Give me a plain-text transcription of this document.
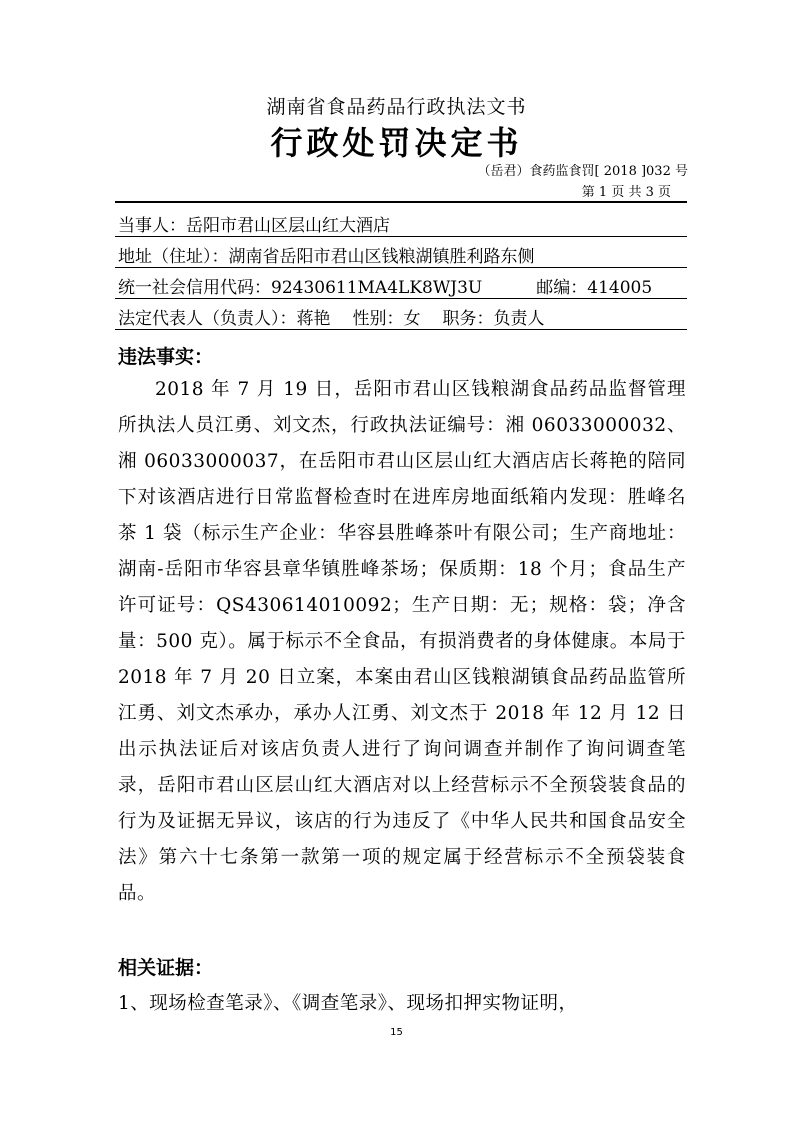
湖南省食品药品行政执法文书
行政处罚决定书
（岳君）食药监食罚[ 2018 ]032 号
第 1 页 共 3 页
当事人：岳阳市君山区层山红大酒店
地址（住址）：湖南省岳阳市君山区钱粮湖镇胜利路东侧
统一社会信用代码：92430611MA4LK8WJ3U	邮编：414005
法定代表人（负责人）：蒋艳 性别：女 职务：负责人
违法事实：
2018 年 7 月 19 日，岳阳市君山区钱粮湖食品药品监督管理所执法人员江勇、刘文杰，行政执法证编号：湘 06033000032、湘 06033000037，在岳阳市君山区层山红大酒店店长蒋艳的陪同下对该酒店进行日常监督检查时在进库房地面纸箱内发现：胜峰名茶 1 袋（标示生产企业：华容县胜峰茶叶有限公司；生产商地址：湖南-岳阳市华容县章华镇胜峰茶场；保质期：18 个月；食品生产许可证号：QS430614010092；生产日期：无；规格：袋；净含量：500 克）。属于标示不全食品，有损消费者的身体健康。本局于 2018 年 7 月 20 日立案，本案由君山区钱粮湖镇食品药品监管所江勇、刘文杰承办，承办人江勇、刘文杰于 2018 年 12 月 12 日出示执法证后对该店负责人进行了询问调查并制作了询问调查笔录，岳阳市君山区层山红大酒店对以上经营标示不全预袋装食品的行为及证据无异议，该店的行为违反了《中华人民共和国食品安全法》第六十七条第一款第一项的规定属于经营标示不全预袋装食品。
相关证据：
1、现场检查笔录》、《调查笔录》、现场扣押实物证明，
15
